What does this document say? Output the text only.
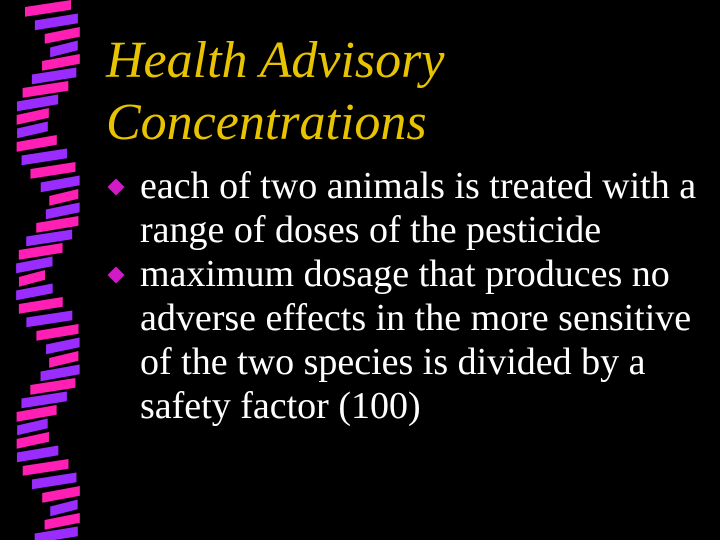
Health Advisory
Concentrations
each of two animals is treated with a range of doses of the pesticide
maximum dosage that produces no adverse effects in the more sensitive of the two species is divided by a safety factor (100)
